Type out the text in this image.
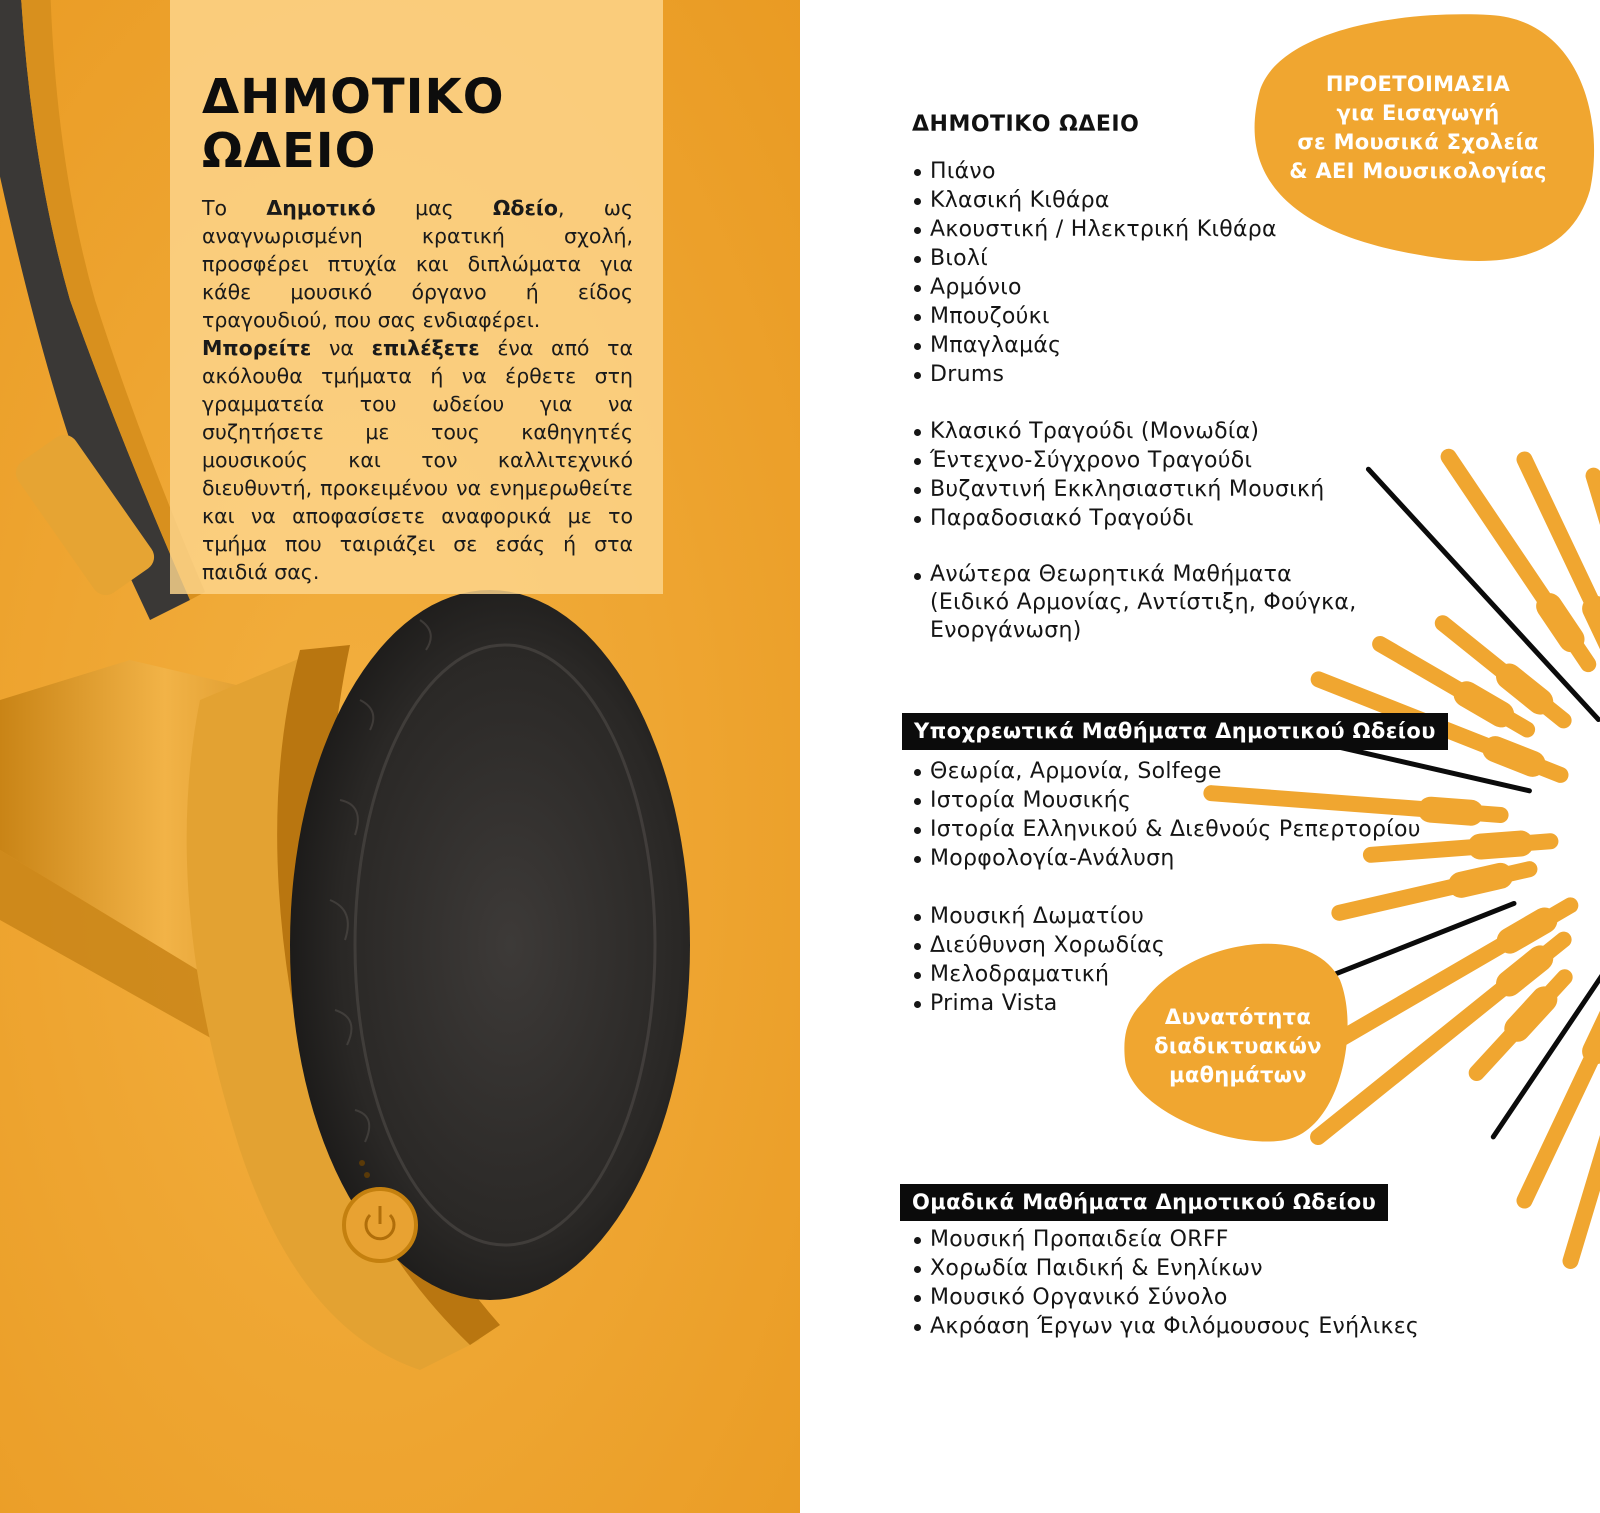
ΔΗΜΟΤΙΚΟ
ΩΔΕΙΟ

Το Δημοτικό μας Ωδείο, ως αναγνωρισμένη κρατική σχολή, προσφέρει πτυχία και διπλώματα για κάθε μουσικό όργανο ή είδος τραγουδιού, που σας ενδιαφέρει.

Μπορείτε να επιλέξετε ένα από τα ακόλουθα τμήματα ή να έρθετε στη γραμματεία του ωδείου για να συζητήσετε με τους καθηγητές μουσικούς και τον καλλιτεχνικό διευθυντή, προκειμένου να ενημερωθείτε και να αποφασίσετε αναφορικά με το τμήμα που ταιριάζει σε εσάς ή στα παιδιά σας.

ΠΡΟΕΤΟΙΜΑΣΙΑ
για Εισαγωγή
σε Μουσικά Σχολεία
& ΑΕΙ Μουσικολογίας
ΔΗΜΟΤΙΚΟ ΩΔΕΙΟ
Πιάνο
Κλασική Κιθάρα
Ακουστική / Ηλεκτρική Κιθάρα
Βιολί
Αρμόνιο
Μπουζούκι
Μπαγλαμάς
Drums
Κλασικό Τραγούδι (Μονωδία)
Έντεχνο-Σύγχρονο Τραγούδι
Βυζαντινή Εκκλησιαστική Μουσική
Παραδοσιακό Τραγούδι
Ανώτερα Θεωρητικά Μαθήματα
(Ειδικό Αρμονίας, Αντίστιξη, Φούγκα,
Ενοργάνωση)
Υποχρεωτικά Μαθήματα Δημοτικού Ωδείου
Θεωρία, Αρμονία, Solfege
Ιστορία Μουσικής
Ιστορία Ελληνικού & Διεθνούς Ρεπερτορίου
Μορφολογία-Ανάλυση
Μουσική Δωματίου
Διεύθυνση Χορωδίας
Μελοδραματική
Prima Vista
Δυνατότητα
διαδικτυακών
μαθημάτων
Ομαδικά Μαθήματα Δημοτικού Ωδείου
Μουσική Προπαιδεία ORFF
Χορωδία Παιδική & Ενηλίκων
Μουσικό Οργανικό Σύνολο
Ακρόαση Έργων για Φιλόμουσους Ενήλικες
